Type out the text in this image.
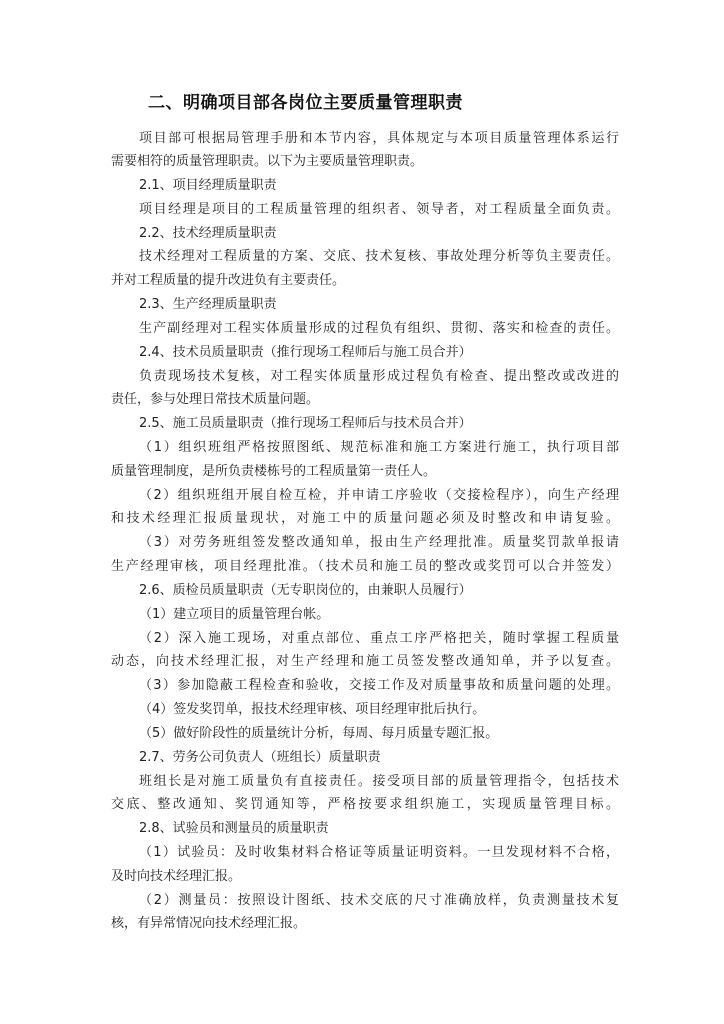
二、明确项目部各岗位主要质量管理职责
项目部可根据局管理手册和本节内容，具体规定与本项目质量管理体系运行
需要相符的质量管理职责。以下为主要质量管理职责。
2.1、项目经理质量职责
项目经理是项目的工程质量管理的组织者、领导者，对工程质量全面负责。
2.2、技术经理质量职责
技术经理对工程质量的方案、交底、技术复核、事故处理分析等负主要责任。
并对工程质量的提升改进负有主要责任。
2.3、生产经理质量职责
生产副经理对工程实体质量形成的过程负有组织、贯彻、落实和检查的责任。
2.4、技术员质量职责（推行现场工程师后与施工员合并）
负责现场技术复核，对工程实体质量形成过程负有检查、提出整改或改进的
责任，参与处理日常技术质量问题。
2.5、施工员质量职责（推行现场工程师后与技术员合并）
（1）组织班组严格按照图纸、规范标准和施工方案进行施工，执行项目部
质量管理制度，是所负责楼栋号的工程质量第一责任人。
（2）组织班组开展自检互检，并申请工序验收（交接检程序），向生产经理
和技术经理汇报质量现状，对施工中的质量问题必须及时整改和申请复验。
（3）对劳务班组签发整改通知单，报由生产经理批准。质量奖罚款单报请
生产经理审核，项目经理批准。（技术员和施工员的整改或奖罚可以合并签发）
2.6、质检员质量职责（无专职岗位的，由兼职人员履行）
（1）建立项目的质量管理台帐。
（2）深入施工现场，对重点部位、重点工序严格把关，随时掌握工程质量
动态，向技术经理汇报，对生产经理和施工员签发整改通知单，并予以复查。
（3）参加隐蔽工程检查和验收，交接工作及对质量事故和质量问题的处理。
（4）签发奖罚单，报技术经理审核、项目经理审批后执行。
（5）做好阶段性的质量统计分析，每周、每月质量专题汇报。
2.7、劳务公司负责人（班组长）质量职责
班组长是对施工质量负有直接责任。接受项目部的质量管理指令，包括技术
交底、整改通知、奖罚通知等，严格按要求组织施工，实现质量管理目标。
2.8、试验员和测量员的质量职责
（1）试验员：及时收集材料合格证等质量证明资料。一旦发现材料不合格，
及时向技术经理汇报。
（2）测量员：按照设计图纸、技术交底的尺寸准确放样，负责测量技术复
核，有异常情况向技术经理汇报。
